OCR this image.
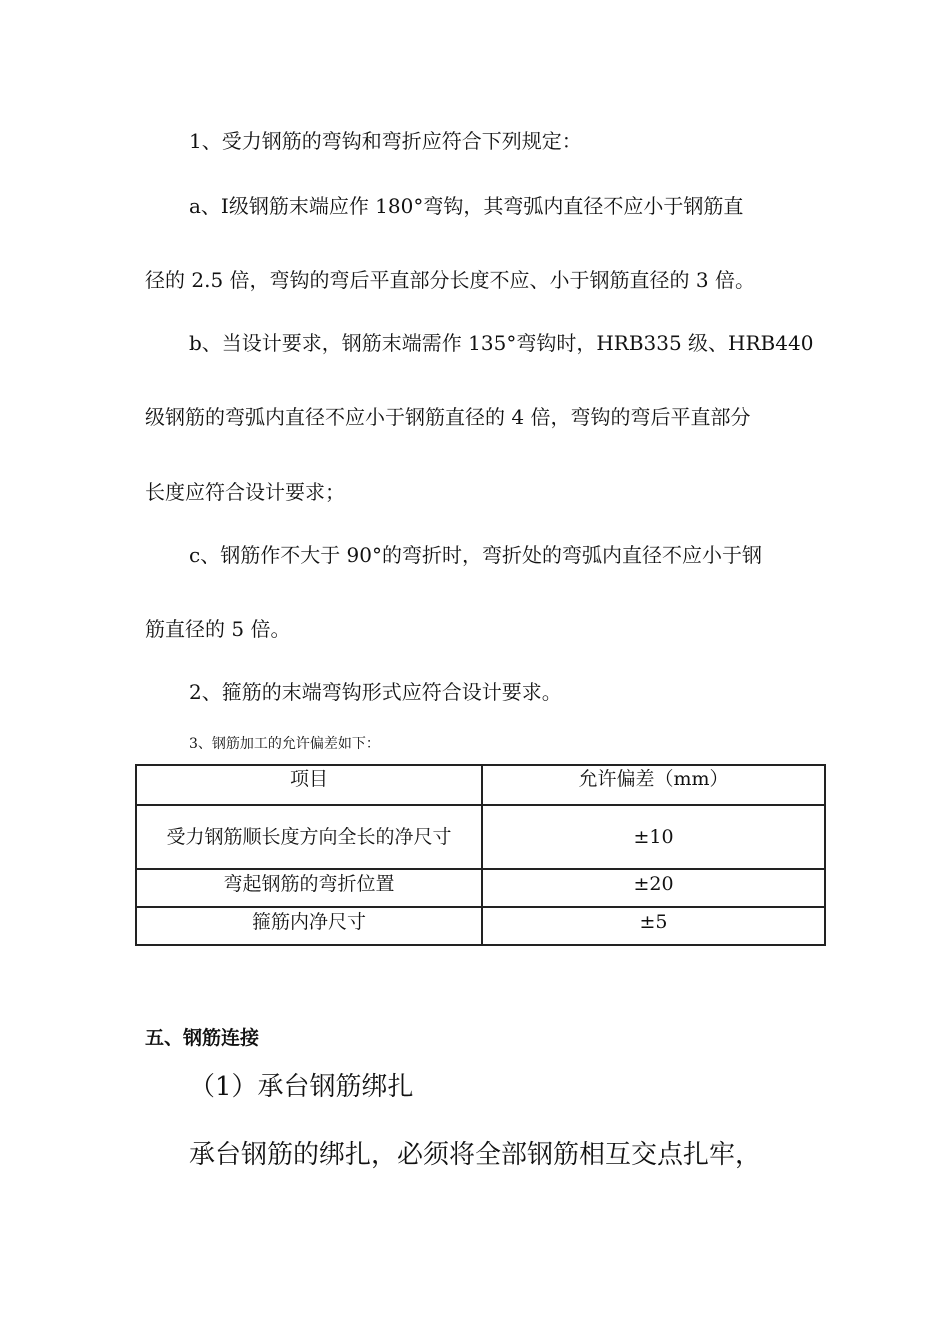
1、受力钢筋的弯钩和弯折应符合下列规定：
a、Ⅰ级钢筋末端应作 180°弯钩，其弯弧内直径不应小于钢筋直
径的 2.5 倍，弯钩的弯后平直部分长度不应、小于钢筋直径的 3 倍。
b、当设计要求，钢筋末端需作 135°弯钩时，HRB335 级、HRB440
级钢筋的弯弧内直径不应小于钢筋直径的 4 倍，弯钩的弯后平直部分
长度应符合设计要求；
c、钢筋作不大于 90°的弯折时，弯折处的弯弧内直径不应小于钢
筋直径的 5 倍。
2、箍筋的末端弯钩形式应符合设计要求。
3、钢筋加工的允许偏差如下：
项目	允许偏差（mm）
受力钢筋顺长度方向全长的净尺寸	±10
弯起钢筋的弯折位置	±20
箍筋内净尺寸	±5
五、钢筋连接
（1）承台钢筋绑扎
承台钢筋的绑扎，必须将全部钢筋相互交点扎牢，
